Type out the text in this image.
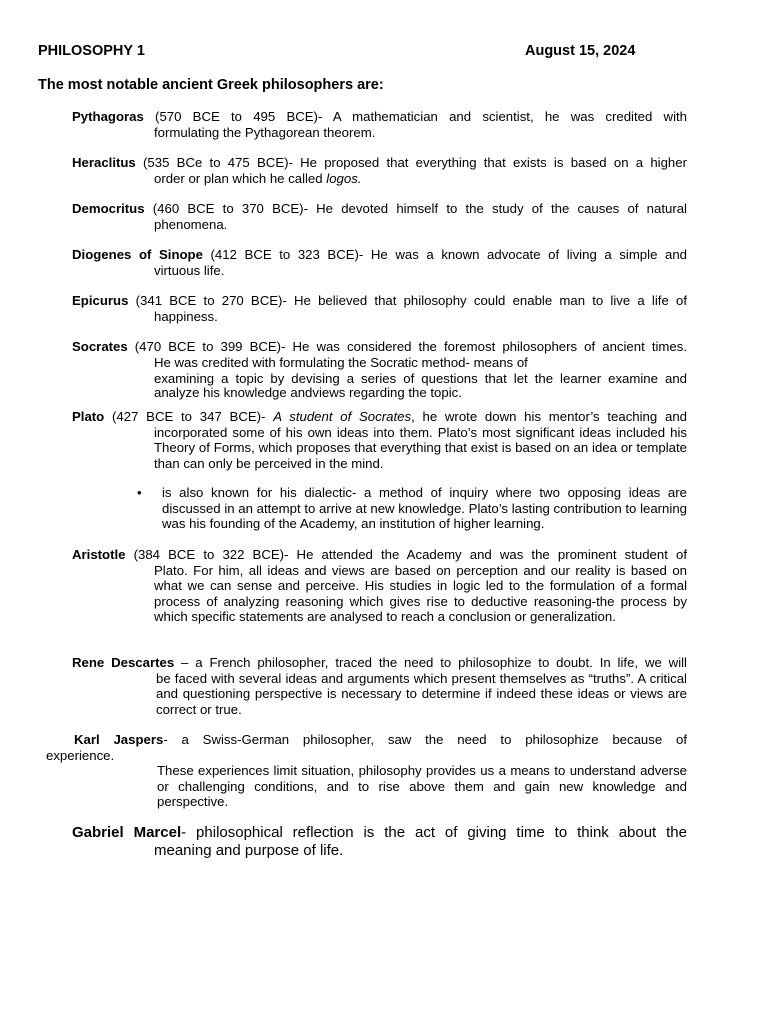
PHILOSOPHY 1	August 15, 2024
The most notable ancient Greek philosophers are:
Pythagoras (570 BCE to 495 BCE)- A mathematician and scientist, he was credited with
formulating the Pythagorean theorem.
Heraclitus (535 BCe to 475 BCE)- He proposed that everything that exists is based on a higher
order or plan which he called logos.
Democritus (460 BCE to 370 BCE)- He devoted himself to the study of the causes of natural
phenomena.
Diogenes of Sinope (412 BCE to 323 BCE)- He was a known advocate of living a simple and
virtuous life.
Epicurus (341 BCE to 270 BCE)- He believed that philosophy could enable man to live a life of
happiness.
Socrates (470 BCE to 399 BCE)- He was considered the foremost philosophers of ancient times.
He was credited with formulating the Socratic method- means of
examining a topic by devising a series of questions that let the learner examine and
analyze his knowledge andviews regarding the topic.
Plato (427 BCE to 347 BCE)- A student of Socrates, he wrote down his mentor’s teaching and
incorporated some of his own ideas into them. Plato’s most significant ideas included his Theory of Forms, which proposes that everything that exist is based on an idea or template than can only be perceived in the mind.
• is also known for his dialectic- a method of inquiry where two opposing ideas are discussed in an attempt to arrive at new knowledge. Plato’s lasting contribution to learning was his founding of the Academy, an institution of higher learning.
Aristotle (384 BCE to 322 BCE)- He attended the Academy and was the prominent student of
Plato. For him, all ideas and views are based on perception and our reality is based on what we can sense and perceive. His studies in logic led to the formulation of a formal process of analyzing reasoning which gives rise to deductive reasoning-the process by which specific statements are analysed to reach a conclusion or generalization.
Rene Descartes – a French philosopher, traced the need to philosophize to doubt. In life, we will
be faced with several ideas and arguments which present themselves as “truths”. A critical and questioning perspective is necessary to determine if indeed these ideas or views are correct or true.
Karl Jaspers- a Swiss-German philosopher, saw the need to philosophize because of
experience.
These experiences limit situation, philosophy provides us a means to understand adverse or challenging conditions, and to rise above them and gain new knowledge and perspective.
Gabriel Marcel- philosophical reflection is the act of giving time to think about the
meaning and purpose of life.
